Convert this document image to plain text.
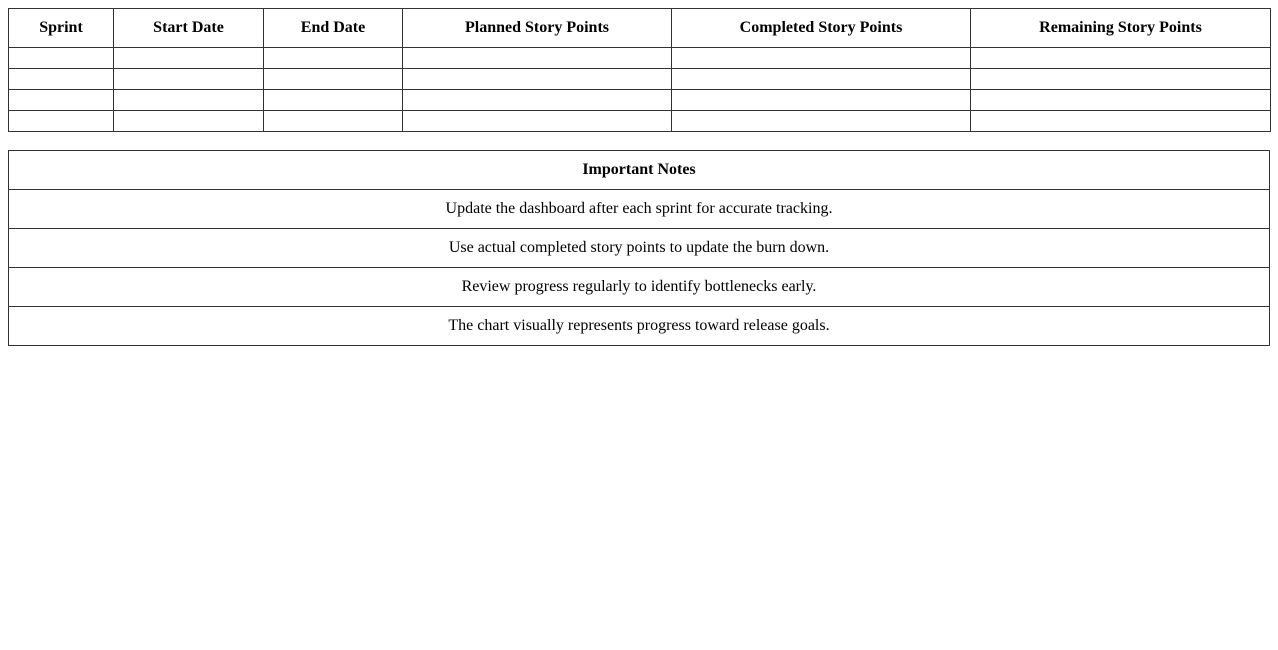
Sprint	Start Date	End Date	Planned Story Points	Completed Story Points	Remaining Story Points

Important Notes
Update the dashboard after each sprint for accurate tracking.
Use actual completed story points to update the burn down.
Review progress regularly to identify bottlenecks early.
The chart visually represents progress toward release goals.
